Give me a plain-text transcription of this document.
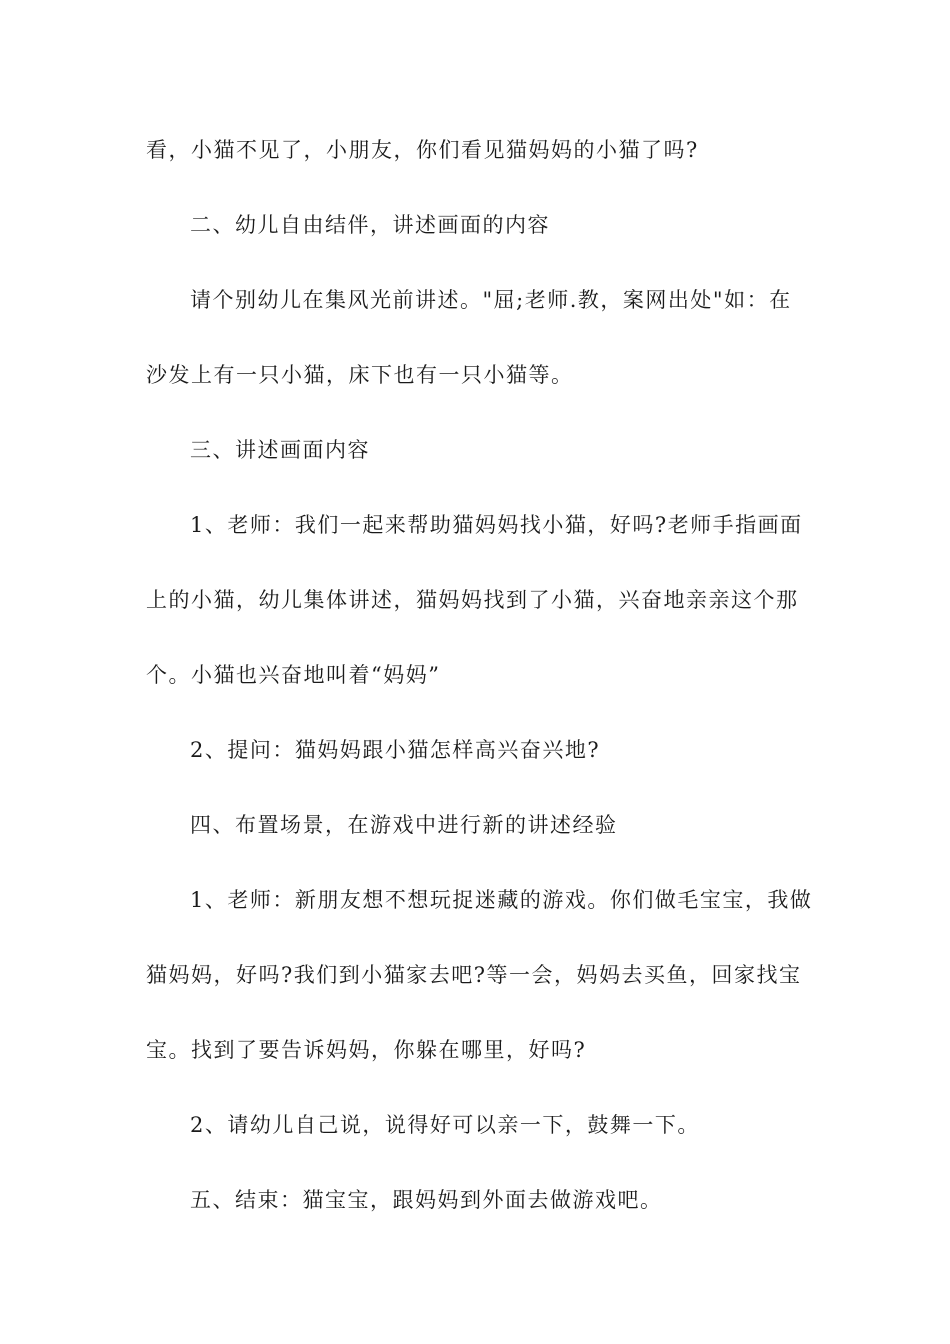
看，小猫不见了，小朋友，你们看见猫妈妈的小猫了吗?
二、幼儿自由结伴，讲述画面的内容
请个别幼儿在集风光前讲述。"屈;老师.教，案网出处"如：在
沙发上有一只小猫，床下也有一只小猫等。
三、讲述画面内容
1、老师：我们一起来帮助猫妈妈找小猫，好吗?老师手指画面
上的小猫，幼儿集体讲述，猫妈妈找到了小猫，兴奋地亲亲这个那
个。小猫也兴奋地叫着“妈妈”
2、提问：猫妈妈跟小猫怎样高兴奋兴地?
四、布置场景，在游戏中进行新的讲述经验
1、老师：新朋友想不想玩捉迷藏的游戏。你们做毛宝宝，我做
猫妈妈，好吗?我们到小猫家去吧?等一会，妈妈去买鱼，回家找宝
宝。找到了要告诉妈妈，你躲在哪里，好吗?
2、请幼儿自己说，说得好可以亲一下，鼓舞一下。
五、结束：猫宝宝，跟妈妈到外面去做游戏吧。
